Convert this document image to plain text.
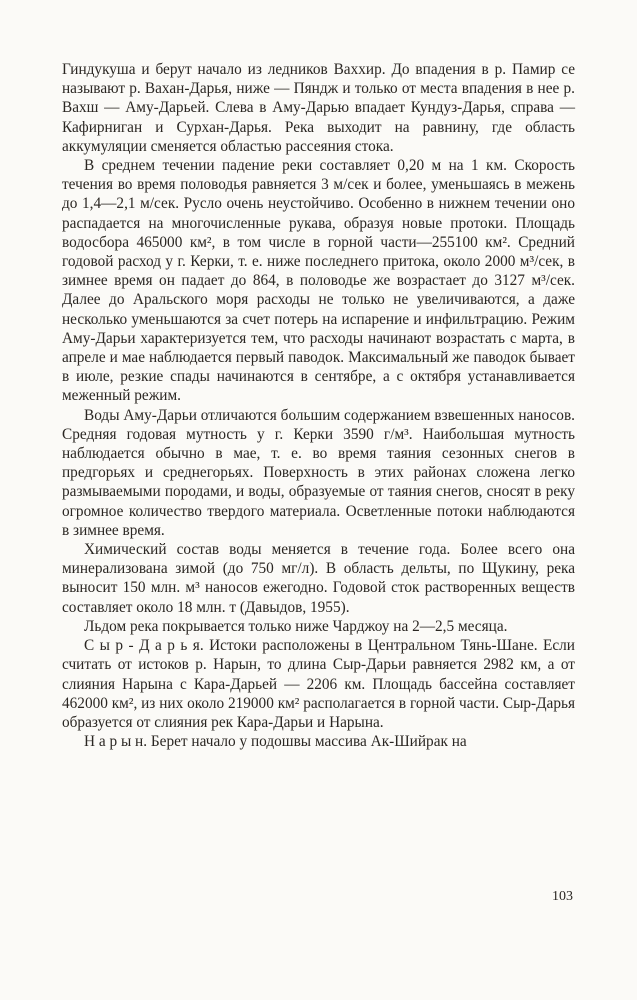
Гиндукуша и берут начало из ледников Ваххир. До впадения в р. Памир се называют р. Вахан-Дарья, ниже — Пяндж и только от места впадения в нее р. Вахш — Аму-Дарьей. Слева в Аму-Дарью впадает Кундуз-Дарья, справа — Кафирниган и Сурхан-Дарья. Река выходит на равнину, где область аккумуляции сменяется областью рассеяния стока.

В среднем течении падение реки составляет 0,20 м на 1 км. Скорость течения во время половодья равняется 3 м/сек и более, уменьшаясь в межень до 1,4—2,1 м/сек. Русло очень неустойчиво. Особенно в нижнем течении оно распадается на многочисленные рукава, образуя новые протоки. Площадь водосбора 465000 км², в том числе в горной части—255100 км². Средний годовой расход у г. Керки, т. е. ниже последнего притока, около 2000 м³/сек, в зимнее время он падает до 864, в половодье же возрастает до 3127 м³/сек. Далее до Аральского моря расходы не только не увеличиваются, а даже несколько уменьшаются за счет потерь на испарение и инфильтрацию. Режим Аму-Дарьи характеризуется тем, что расходы начинают возрастать с марта, в апреле и мае наблюдается первый паводок. Максимальный же паводок бывает в июле, резкие спады начинаются в сентябре, а с октября устанавливается меженный режим.

Воды Аму-Дарьи отличаются большим содержанием взвешенных наносов. Средняя годовая мутность у г. Керки 3590 г/м³. Наибольшая мутность наблюдается обычно в мае, т. е. во время таяния сезонных снегов в предгорьях и среднегорьях. Поверхность в этих районах сложена легко размываемыми породами, и воды, образуемые от таяния снегов, сносят в реку огромное количество твердого материала. Осветленные потоки наблюдаются в зимнее время.

Химический состав воды меняется в течение года. Более всего она минерализована зимой (до 750 мг/л). В область дельты, по Щукину, река выносит 150 млн. м³ наносов ежегодно. Годовой сток растворенных веществ составляет около 18 млн. т (Давыдов, 1955).

Льдом река покрывается только ниже Чарджоу на 2—2,5 месяца.

С ы р - Д а р ь я. Истоки расположены в Центральном Тянь-Шане. Если считать от истоков р. Нарын, то длина Сыр-Дарьи равняется 2982 км, а от слияния Нарына с Кара-Дарьей — 2206 км. Площадь бассейна составляет 462000 км², из них около 219000 км² располагается в горной части. Сыр-Дарья образуется от слияния рек Кара-Дарьи и Нарына.

Н а р ы н. Берет начало у подошвы массива Ак-Шийрак на

103
